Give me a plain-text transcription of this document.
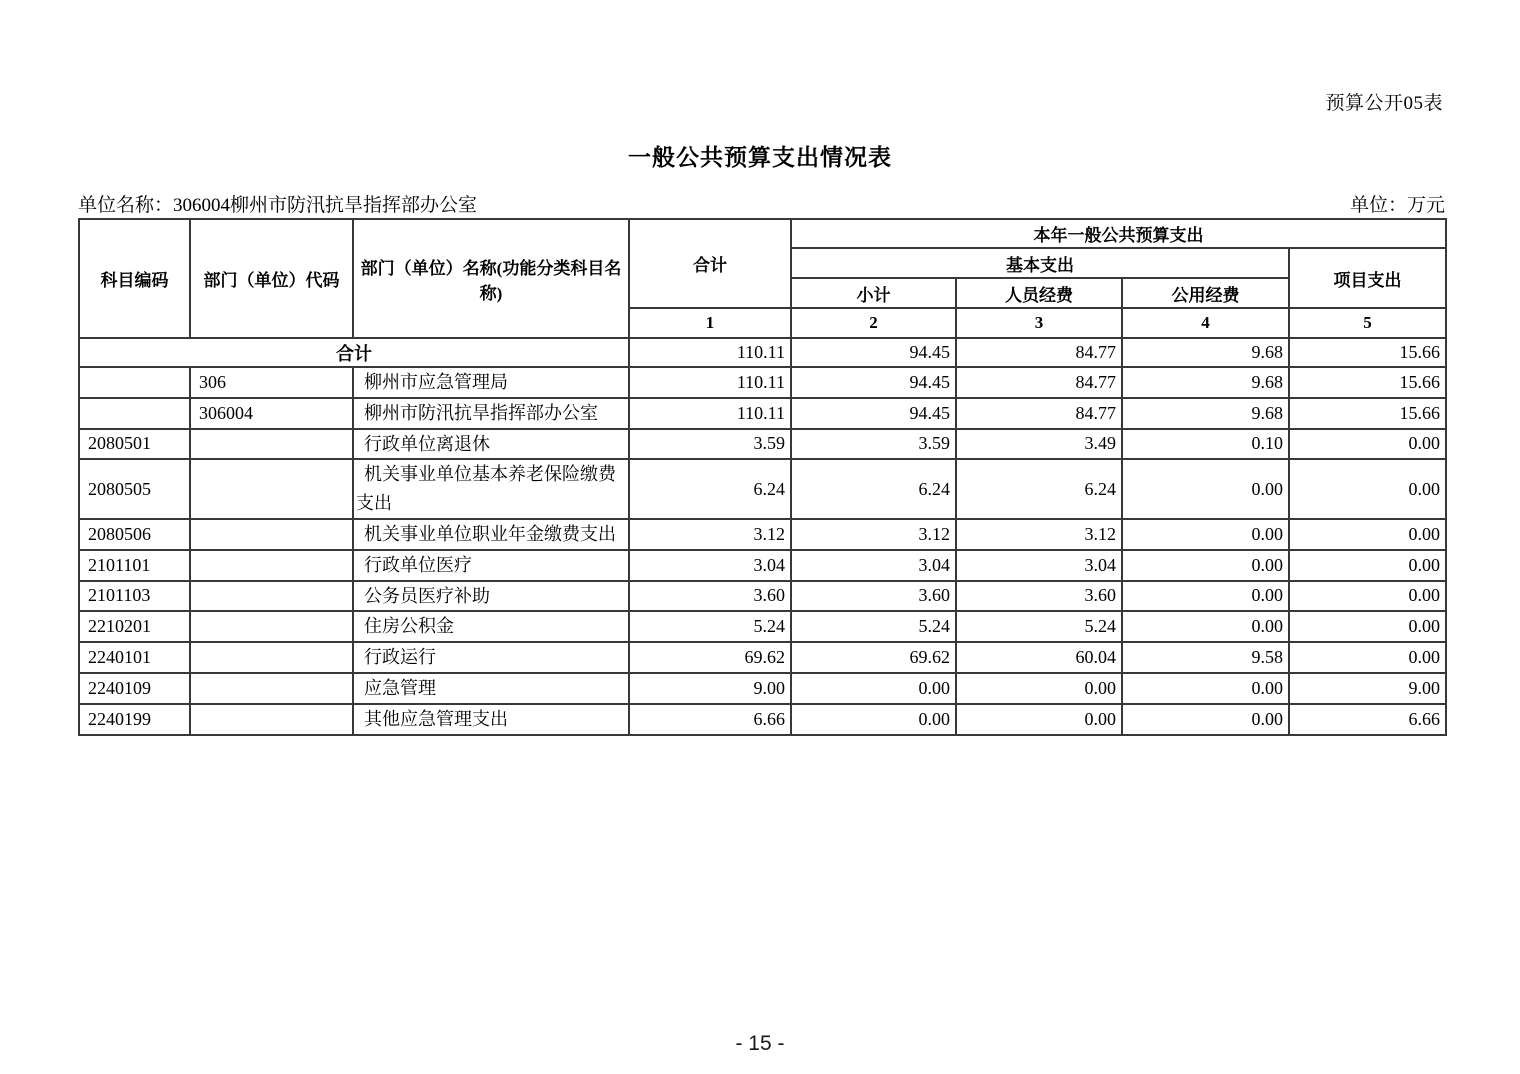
预算公开05表
一般公共预算支出情况表
单位名称：306004柳州市防汛抗旱指挥部办公室	单位：万元
科目编码	部门（单位）代码	部门（单位）名称(功能分类科目名称)	合计	本年一般公共预算支出			
				基本支出			项目支出
				小计	人员经费	公用经费	
			1	2	3	4	5
合计			110.11	94.45	84.77	9.68	15.66
	306	柳州市应急管理局	110.11	94.45	84.77	9.68	15.66
	306004	柳州市防汛抗旱指挥部办公室	110.11	94.45	84.77	9.68	15.66
2080501		行政单位离退休	3.59	3.59	3.49	0.10	0.00
2080505		机关事业单位基本养老保险缴费支出	6.24	6.24	6.24	0.00	0.00
2080506		机关事业单位职业年金缴费支出	3.12	3.12	3.12	0.00	0.00
2101101		行政单位医疗	3.04	3.04	3.04	0.00	0.00
2101103		公务员医疗补助	3.60	3.60	3.60	0.00	0.00
2210201		住房公积金	5.24	5.24	5.24	0.00	0.00
2240101		行政运行	69.62	69.62	60.04	9.58	0.00
2240109		应急管理	9.00	0.00	0.00	0.00	9.00
2240199		其他应急管理支出	6.66	0.00	0.00	0.00	6.66
- 15 -
